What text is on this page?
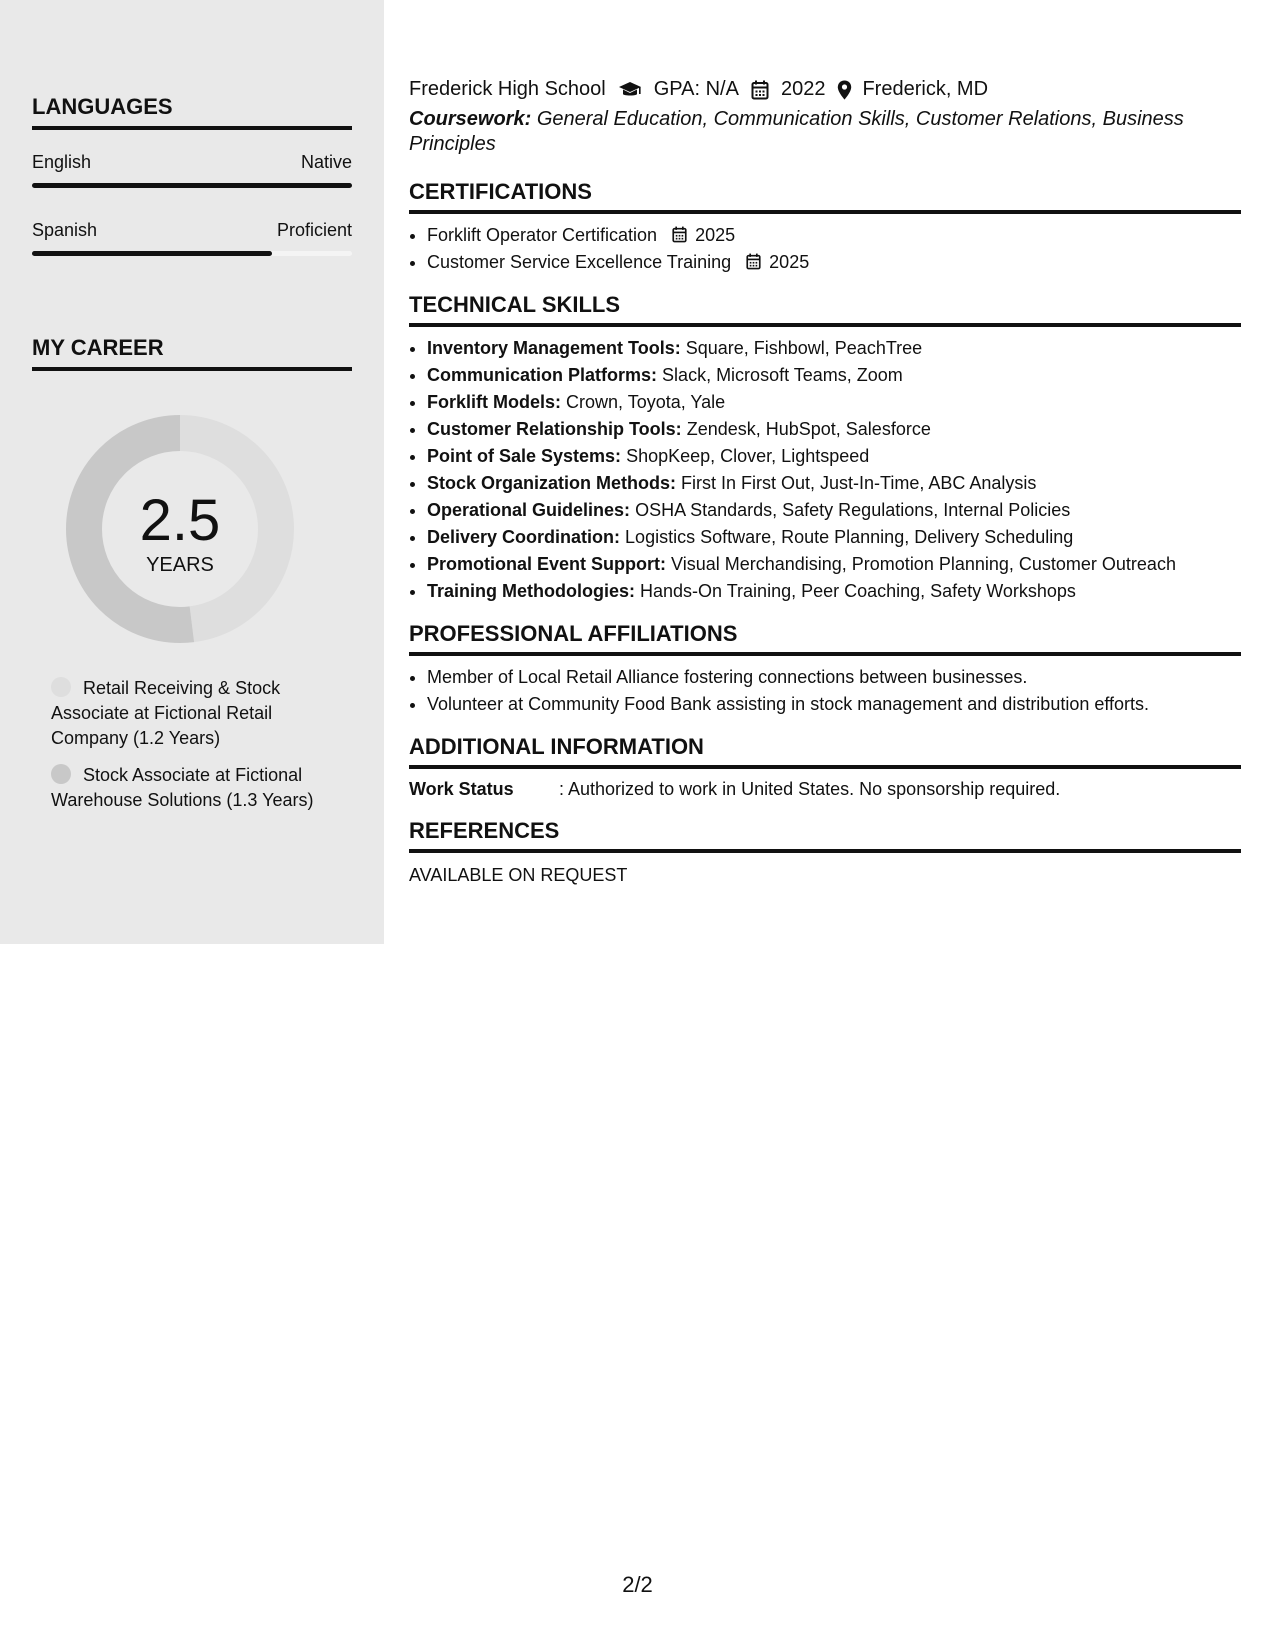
LANGUAGES
English	Native
Spanish	Proficient
MY CAREER
2.5
YEARS
Retail Receiving & Stock Associate at Fictional Retail Company (1.2 Years)
Stock Associate at Fictional Warehouse Solutions (1.3 Years)
Frederick High School GPA: N/A 2022 Frederick, MD
Coursework: General Education, Communication Skills, Customer Relations, Business Principles
CERTIFICATIONS
• Forklift Operator Certification 2025
• Customer Service Excellence Training 2025
TECHNICAL SKILLS
• Inventory Management Tools: Square, Fishbowl, PeachTree
• Communication Platforms: Slack, Microsoft Teams, Zoom
• Forklift Models: Crown, Toyota, Yale
• Customer Relationship Tools: Zendesk, HubSpot, Salesforce
• Point of Sale Systems: ShopKeep, Clover, Lightspeed
• Stock Organization Methods: First In First Out, Just-In-Time, ABC Analysis
• Operational Guidelines: OSHA Standards, Safety Regulations, Internal Policies
• Delivery Coordination: Logistics Software, Route Planning, Delivery Scheduling
• Promotional Event Support: Visual Merchandising, Promotion Planning, Customer Outreach
• Training Methodologies: Hands-On Training, Peer Coaching, Safety Workshops
PROFESSIONAL AFFILIATIONS
• Member of Local Retail Alliance fostering connections between businesses.
• Volunteer at Community Food Bank assisting in stock management and distribution efforts.
ADDITIONAL INFORMATION
Work Status	: Authorized to work in United States. No sponsorship required.
REFERENCES
AVAILABLE ON REQUEST
2/2
